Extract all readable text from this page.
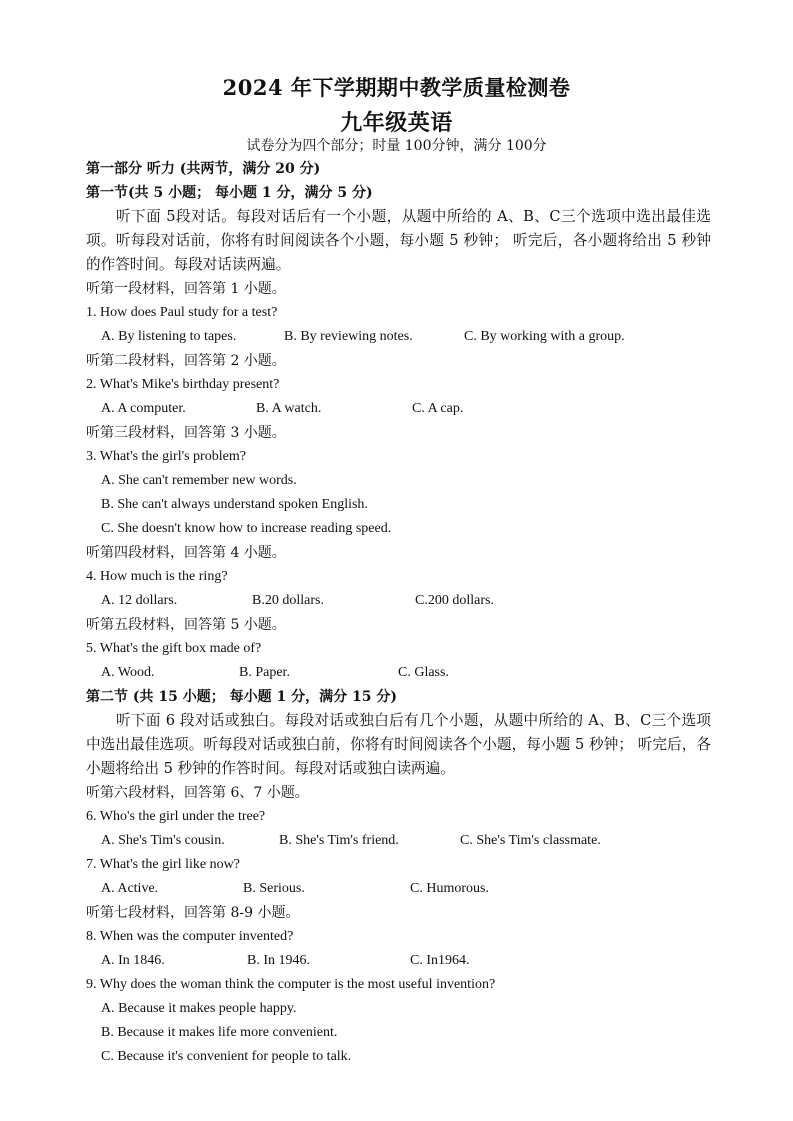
2024 年下学期期中教学质量检测卷
九年级英语
试卷分为四个部分；时量 100分钟，满分 100分
第一部分 听力 (共两节，满分 20 分)
第一节(共 5 小题； 每小题 1 分，满分 5 分)

听下面 5段对话。每段对话后有一个小题，从题中所给的 A、B、C三个选项中选出最佳选项。听每段对话前，你将有时间阅读各个小题，每小题 5 秒钟； 听完后，各小题将给出 5 秒钟的作答时间。每段对话读两遍。

听第一段材料，回答第 1 小题。
1. How does Paul study for a test?
A. By listening to tapes.	B. By reviewing notes.	C. By working with a group.
听第二段材料，回答第 2 小题。
2. What's Mike's birthday present?
A. A computer.	B. A watch.	C. A cap.
听第三段材料，回答第 3 小题。
3. What's the girl's problem?
A. She can't remember new words.
B. She can't always understand spoken English.
C. She doesn't know how to increase reading speed.
听第四段材料，回答第 4 小题。
4. How much is the ring?
A. 12 dollars.	B.20 dollars.	C.200 dollars.
听第五段材料，回答第 5 小题。
5. What's the gift box made of?
A. Wood.	B. Paper.	C. Glass.
第二节 (共 15 小题； 每小题 1 分，满分 15 分)

听下面 6 段对话或独白。每段对话或独白后有几个小题，从题中所给的 A、B、C三个选项中选出最佳选项。听每段对话或独白前，你将有时间阅读各个小题，每小题 5 秒钟； 听完后，各小题将给出 5 秒钟的作答时间。每段对话或独白读两遍。

听第六段材料，回答第 6、7 小题。
6. Who's the girl under the tree?
A. She's Tim's cousin.	B. She's Tim's friend.	C. She's Tim's classmate.
7. What's the girl like now?
A. Active.	B. Serious.	C. Humorous.
听第七段材料，回答第 8-9 小题。
8. When was the computer invented?
A. In 1846.	B. In 1946.	C. In1964.
9. Why does the woman think the computer is the most useful invention?
A. Because it makes people happy.
B. Because it makes life more convenient.
C. Because it's convenient for people to talk.
